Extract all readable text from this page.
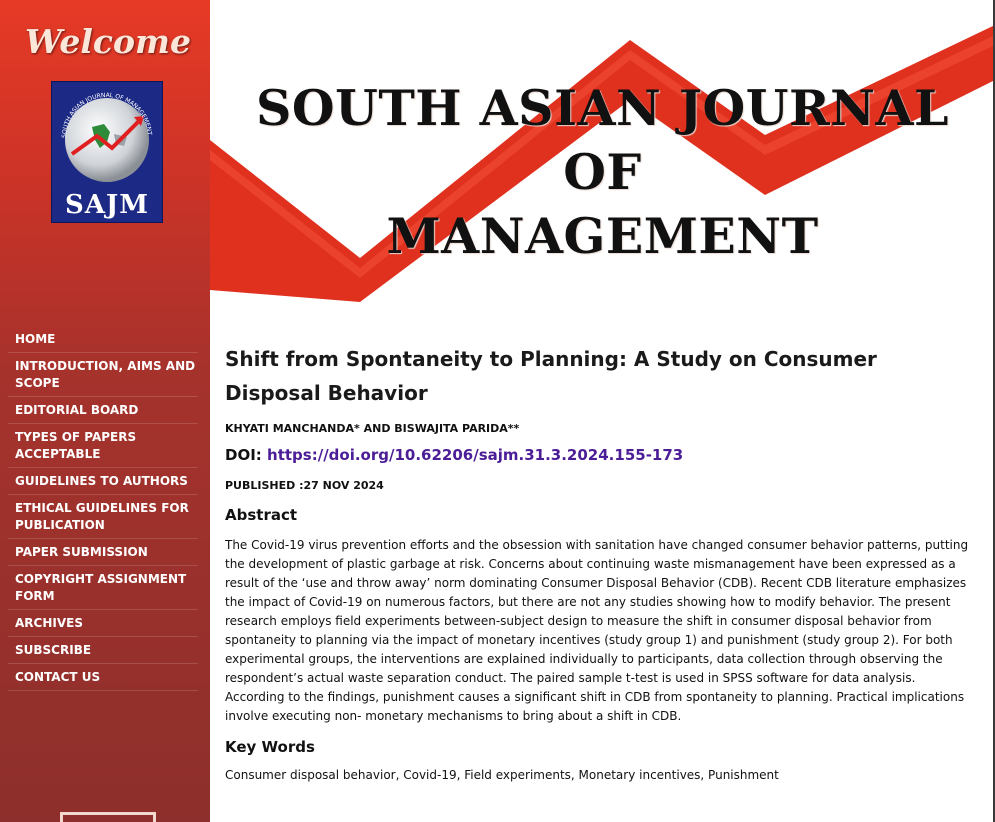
Welcome
SOUTH ASIAN JOURNAL OF MANAGEMENT
SAJM
HOME
INTRODUCTION, AIMS AND SCOPE
EDITORIAL BOARD
TYPES OF PAPERS ACCEPTABLE
GUIDELINES TO AUTHORS
ETHICAL GUIDELINES FOR PUBLICATION
PAPER SUBMISSION
COPYRIGHT ASSIGNMENT FORM
ARCHIVES
SUBSCRIBE
CONTACT US
SOUTH ASIAN JOURNAL OF
MANAGEMENT
Shift from Spontaneity to Planning: A Study on Consumer Disposal Behavior
KHYATI MANCHANDA* AND BISWAJITA PARIDA**
DOI: https://doi.org/10.62206/sajm.31.3.2024.155-173
PUBLISHED :27 NOV 2024
Abstract

The Covid-19 virus prevention efforts and the obsession with sanitation have changed consumer behavior patterns, putting the development of plastic garbage at risk. Concerns about continuing waste mismanagement have been expressed as a result of the ‘use and throw away’ norm dominating Consumer Disposal Behavior (CDB). Recent CDB literature emphasizes the impact of Covid-19 on numerous factors, but there are not any studies showing how to modify behavior. The present research employs field experiments between-subject design to measure the shift in consumer disposal behavior from spontaneity to planning via the impact of monetary incentives (study group 1) and punishment (study group 2). For both experimental groups, the interventions are explained individually to participants, data collection through observing the respondent’s actual waste separation conduct. The paired sample t-test is used in SPSS software for data analysis. According to the findings, punishment causes a significant shift in CDB from spontaneity to planning. Practical implications involve executing non- monetary mechanisms to bring about a shift in CDB.

Key Words
Consumer disposal behavior, Covid-19, Field experiments, Monetary incentives, Punishment
